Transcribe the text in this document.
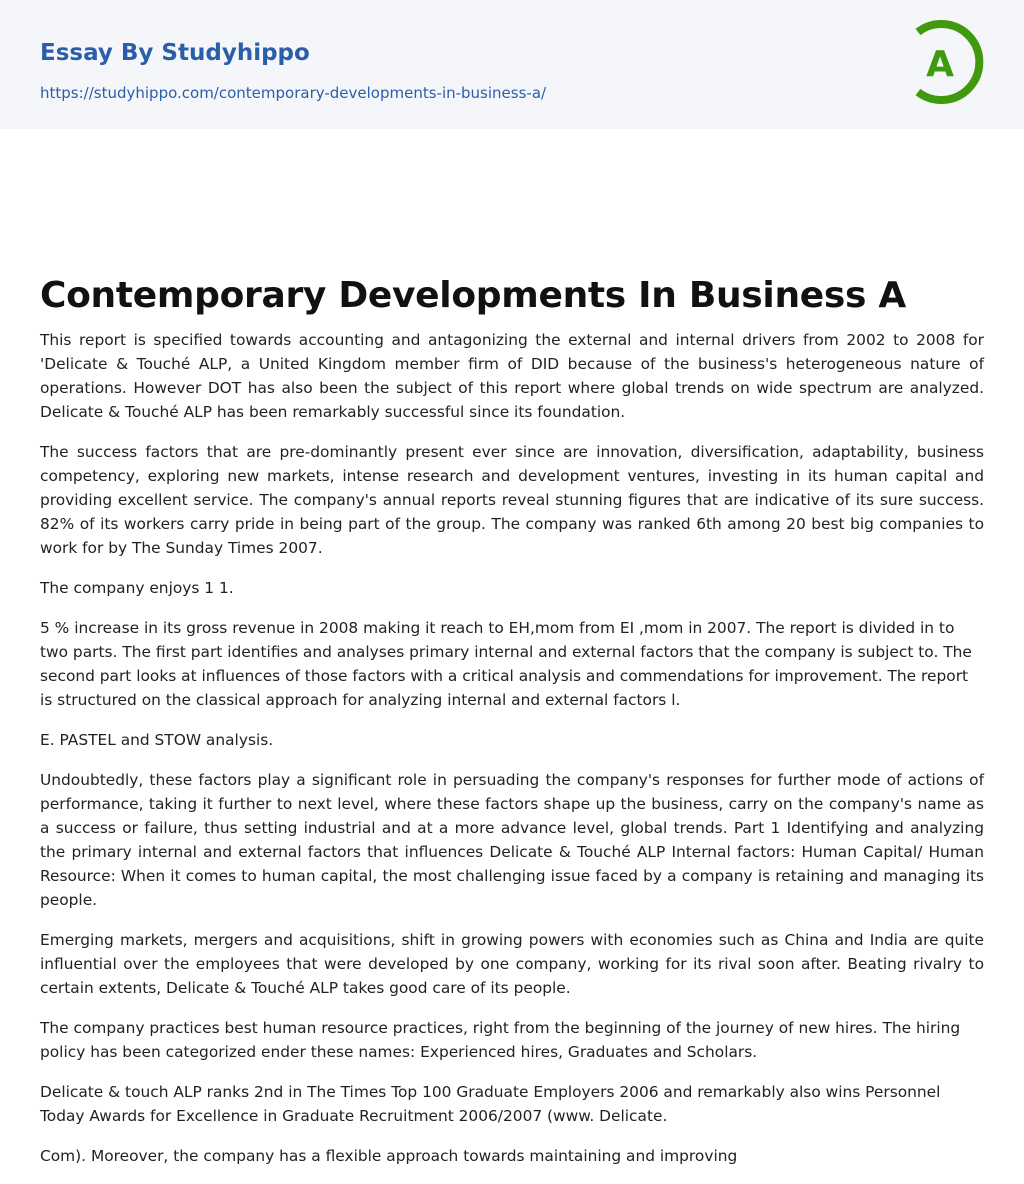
Essay By Studyhippo
https://studyhippo.com/contemporary-developments-in-business-a/
A
Contemporary Developments In Business A

This report is specified towards accounting and antagonizing the external and internal drivers from 2002 to 2008 for 'Delicate & Touché ALP, a United Kingdom member firm of DID because of the business's heterogeneous nature of operations. However DOT has also been the subject of this report where global trends on wide spectrum are analyzed. Delicate & Touché ALP has been remarkably successful since its foundation.

The success factors that are pre-dominantly present ever since are innovation, diversification, adaptability, business competency, exploring new markets, intense research and development ventures, investing in its human capital and providing excellent service. The company's annual reports reveal stunning figures that are indicative of its sure success. 82% of its workers carry pride in being part of the group. The company was ranked 6th among 20 best big companies to work for by The Sunday Times 2007.

The company enjoys 1 1.

5 % increase in its gross revenue in 2008 making it reach to EH,mom from EI ,mom in 2007. The report is divided in to two parts. The first part identifies and analyses primary internal and external factors that the company is subject to. The second part looks at influences of those factors with a critical analysis and commendations for improvement. The report is structured on the classical approach for analyzing internal and external factors l.

E. PASTEL and STOW analysis.

Undoubtedly, these factors play a significant role in persuading the company's responses for further mode of actions of performance, taking it further to next level, where these factors shape up the business, carry on the company's name as a success or failure, thus setting industrial and at a more advance level, global trends. Part 1 Identifying and analyzing the primary internal and external factors that influences Delicate & Touché ALP Internal factors: Human Capital/ Human Resource: When it comes to human capital, the most challenging issue faced by a company is retaining and managing its people.

Emerging markets, mergers and acquisitions, shift in growing powers with economies such as China and India are quite influential over the employees that were developed by one company, working for its rival soon after. Beating rivalry to certain extents, Delicate & Touché ALP takes good care of its people.

The company practices best human resource practices, right from the beginning of the journey of new hires. The hiring policy has been categorized ender these names: Experienced hires, Graduates and Scholars.

Delicate & touch ALP ranks 2nd in The Times Top 100 Graduate Employers 2006 and remarkably also wins Personnel Today Awards for Excellence in Graduate Recruitment 2006/2007 (www. Delicate.

Com). Moreover, the company has a flexible approach towards maintaining and improving
